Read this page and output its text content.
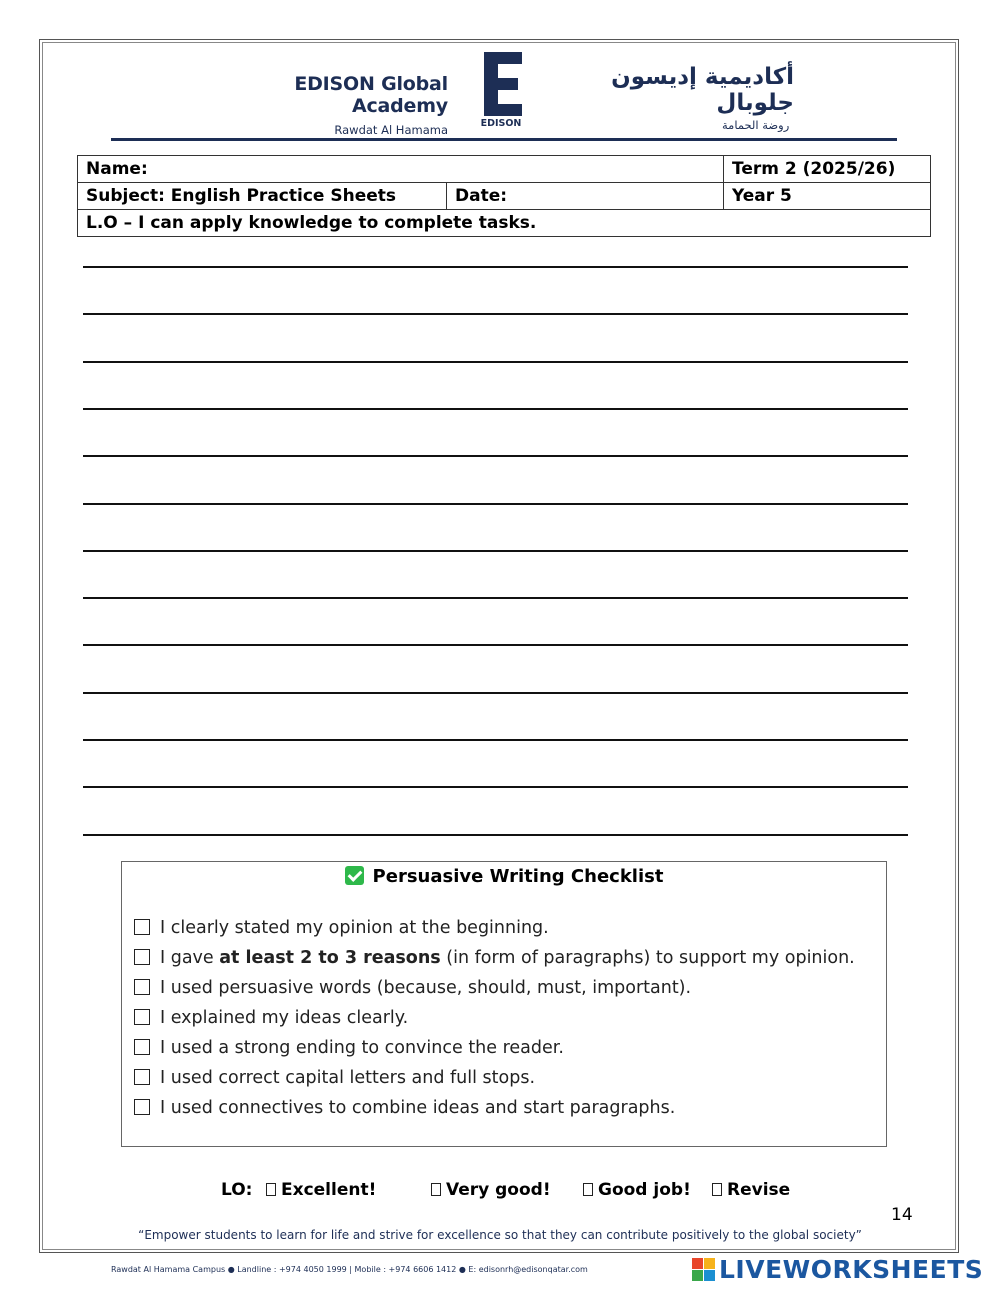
EDISON Global Academy
Rawdat Al Hamama	EDISON
أكاديمية إديسون جلوبال
روضة الحمامة
Name:		Term 2 (2025/26)
Subject: English Practice Sheets	Date:	Year 5
L.O – I can apply knowledge to complete tasks.		
Persuasive Writing Checklist
I clearly stated my opinion at the beginning.
I gave at least 2 to 3 reasons (in form of paragraphs) to support my opinion.
I used persuasive words (because, should, must, important).
I explained my ideas clearly.
I used a strong ending to convince the reader.
I used correct capital letters and full stops.
I used connectives to combine ideas and start paragraphs.
LO:	Excellent!	Very good!	Good job!	Revise
14
“Empower students to learn for life and strive for excellence so that they can contribute positively to the global society”
Rawdat Al Hamama Campus ● Landline : +974 4050 1999 | Mobile : +974 6606 1412 ● E: edisonrh@edisonqatar.com	LIVEWORKSHEETS
